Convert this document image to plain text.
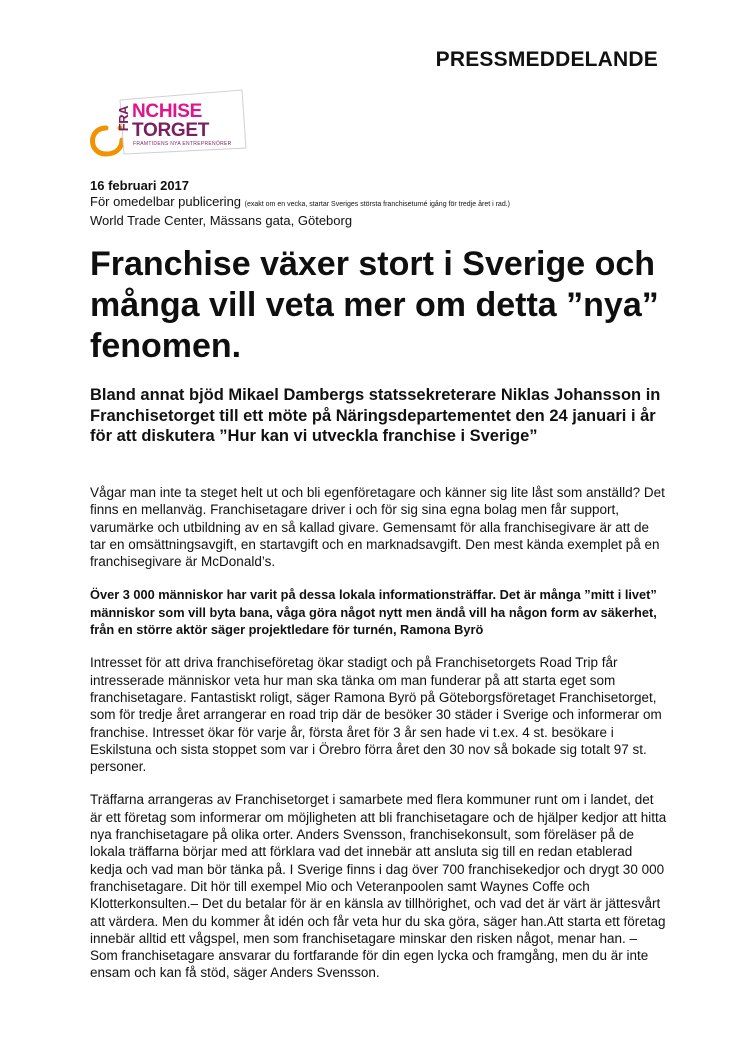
PRESSMEDDELANDE
FRA NCHISE
TORGET
FRAMTIDENS NYA ENTREPRENÖRER
16 februari 2017
För omedelbar publicering (exakt om en vecka, startar Sveriges största franchiseturné igång för tredje året i rad.)
World Trade Center, Mässans gata, Göteborg
Franchise växer stort i Sverige och många vill veta mer om detta ”nya” fenomen.

Bland annat bjöd Mikael Dambergs statssekreterare Niklas Johansson in Franchisetorget till ett möte på Näringsdepartementet den 24 januari i år för att diskutera ”Hur kan vi utveckla franchise i Sverige”

Vågar man inte ta steget helt ut och bli egenföretagare och känner sig lite låst som anställd? Det finns en mellanväg. Franchisetagare driver i och för sig sina egna bolag men får support, varumärke och utbildning av en så kallad givare. Gemensamt för alla franchisegivare är att de tar en omsättningsavgift, en startavgift och en marknadsavgift. Den mest kända exemplet på en franchisegivare är McDonald’s.

Över 3 000 människor har varit på dessa lokala informationsträffar. Det är många ”mitt i livet” människor som vill byta bana, våga göra något nytt men ändå vill ha någon form av säkerhet, från en större aktör säger projektledare för turnén, Ramona Byrö

Intresset för att driva franchiseföretag ökar stadigt och på Franchisetorgets Road Trip får intresserade människor veta hur man ska tänka om man funderar på att starta eget som franchisetagare. Fantastiskt roligt, säger Ramona Byrö på Göteborgsföretaget Franchisetorget, som för tredje året arrangerar en road trip där de besöker 30 städer i Sverige och informerar om franchise. Intresset ökar för varje år, första året för 3 år sen hade vi t.ex. 4 st. besökare i Eskilstuna och sista stoppet som var i Örebro förra året den 30 nov så bokade sig totalt 97 st. personer.

Träffarna arrangeras av Franchisetorget i samarbete med flera kommuner runt om i landet, det är ett företag som informerar om möjligheten att bli franchisetagare och de hjälper kedjor att hitta nya franchisetagare på olika orter. Anders Svensson, franchisekonsult, som föreläser på de lokala träffarna börjar med att förklara vad det innebär att ansluta sig till en redan etablerad kedja och vad man bör tänka på. I Sverige finns i dag över 700 franchisekedjor och drygt 30 000 franchisetagare. Dit hör till exempel Mio och Veteranpoolen samt Waynes Coffe och Klotterkonsulten.– Det du betalar för är en känsla av tillhörighet, och vad det är värt är jättesvårt att värdera. Men du kommer åt idén och får veta hur du ska göra, säger han.Att starta ett företag innebär alltid ett vågspel, men som franchisetagare minskar den risken något, menar han. – Som franchisetagare ansvarar du fortfarande för din egen lycka och framgång, men du är inte ensam och kan få stöd, säger Anders Svensson.
